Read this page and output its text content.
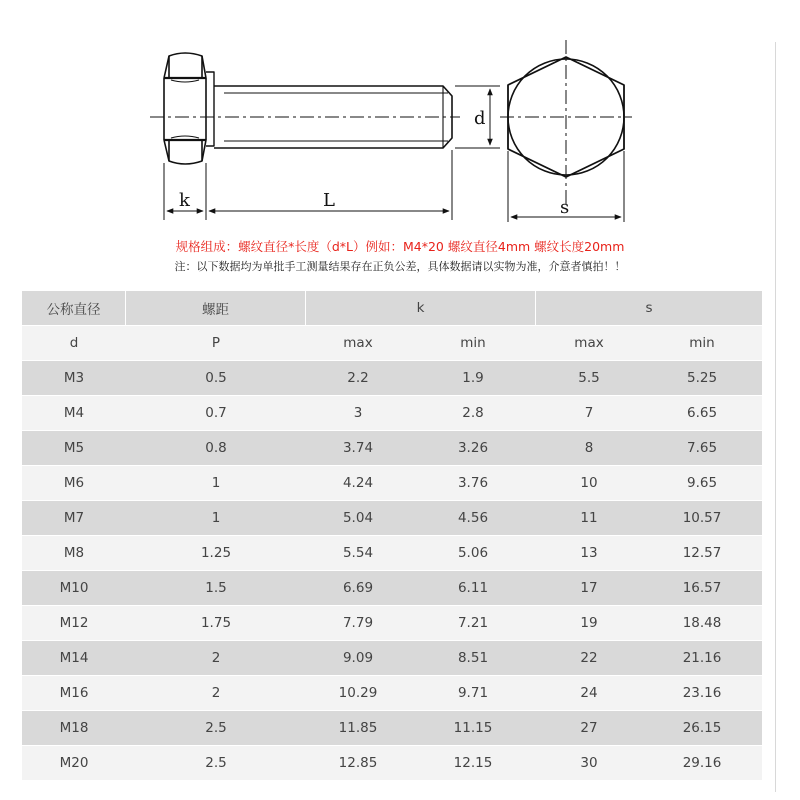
k	L
d
s
规格组成：螺纹直径*长度（d*L）例如：M4*20 螺纹直径4mm 螺纹长度20mm
注：以下数据均为单批手工测量结果存在正负公差，具体数据请以实物为准，介意者慎拍！！
公称直径	螺距	k		s	
d	P	max	min	max	min
M3	0.5	2.2	1.9	5.5	5.25
M4	0.7	3	2.8	7	6.65
M5	0.8	3.74	3.26	8	7.65
M6	1	4.24	3.76	10	9.65
M7	1	5.04	4.56	11	10.57
M8	1.25	5.54	5.06	13	12.57
M10	1.5	6.69	6.11	17	16.57
M12	1.75	7.79	7.21	19	18.48
M14	2	9.09	8.51	22	21.16
M16	2	10.29	9.71	24	23.16
M18	2.5	11.85	11.15	27	26.15
M20	2.5	12.85	12.15	30	29.16
